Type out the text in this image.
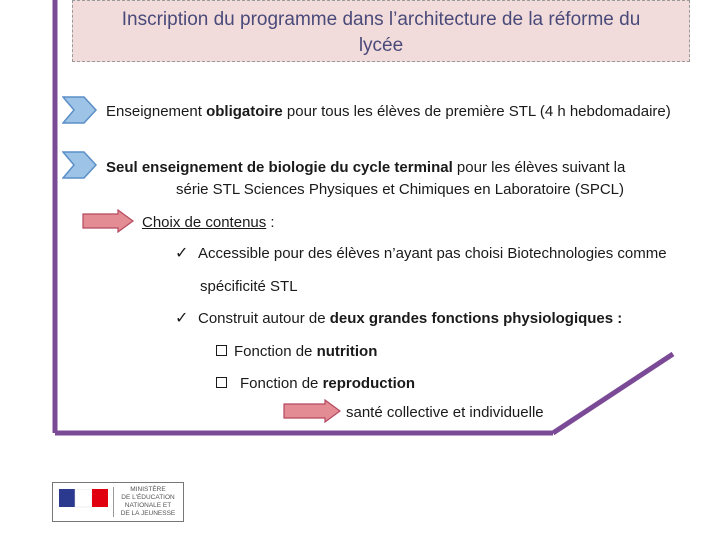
Inscription du programme dans l’architecture de la réforme du
lycée
Enseignement obligatoire pour tous les élèves de première STL (4 h hebdomadaire)
Seul enseignement de biologie du cycle terminal pour les élèves suivant la
série STL Sciences Physiques et Chimiques en Laboratoire (SPCL)
Choix de contenus :
✓ Accessible pour des élèves n’ayant pas choisi Biotechnologies comme
spécificité STL
✓ Construit autour de deux grandes fonctions physiologiques :
Fonction de nutrition
Fonction de reproduction
santé collective et individuelle
MINISTÈRE
DE L'ÉDUCATION
NATIONALE ET
DE LA JEUNESSE
